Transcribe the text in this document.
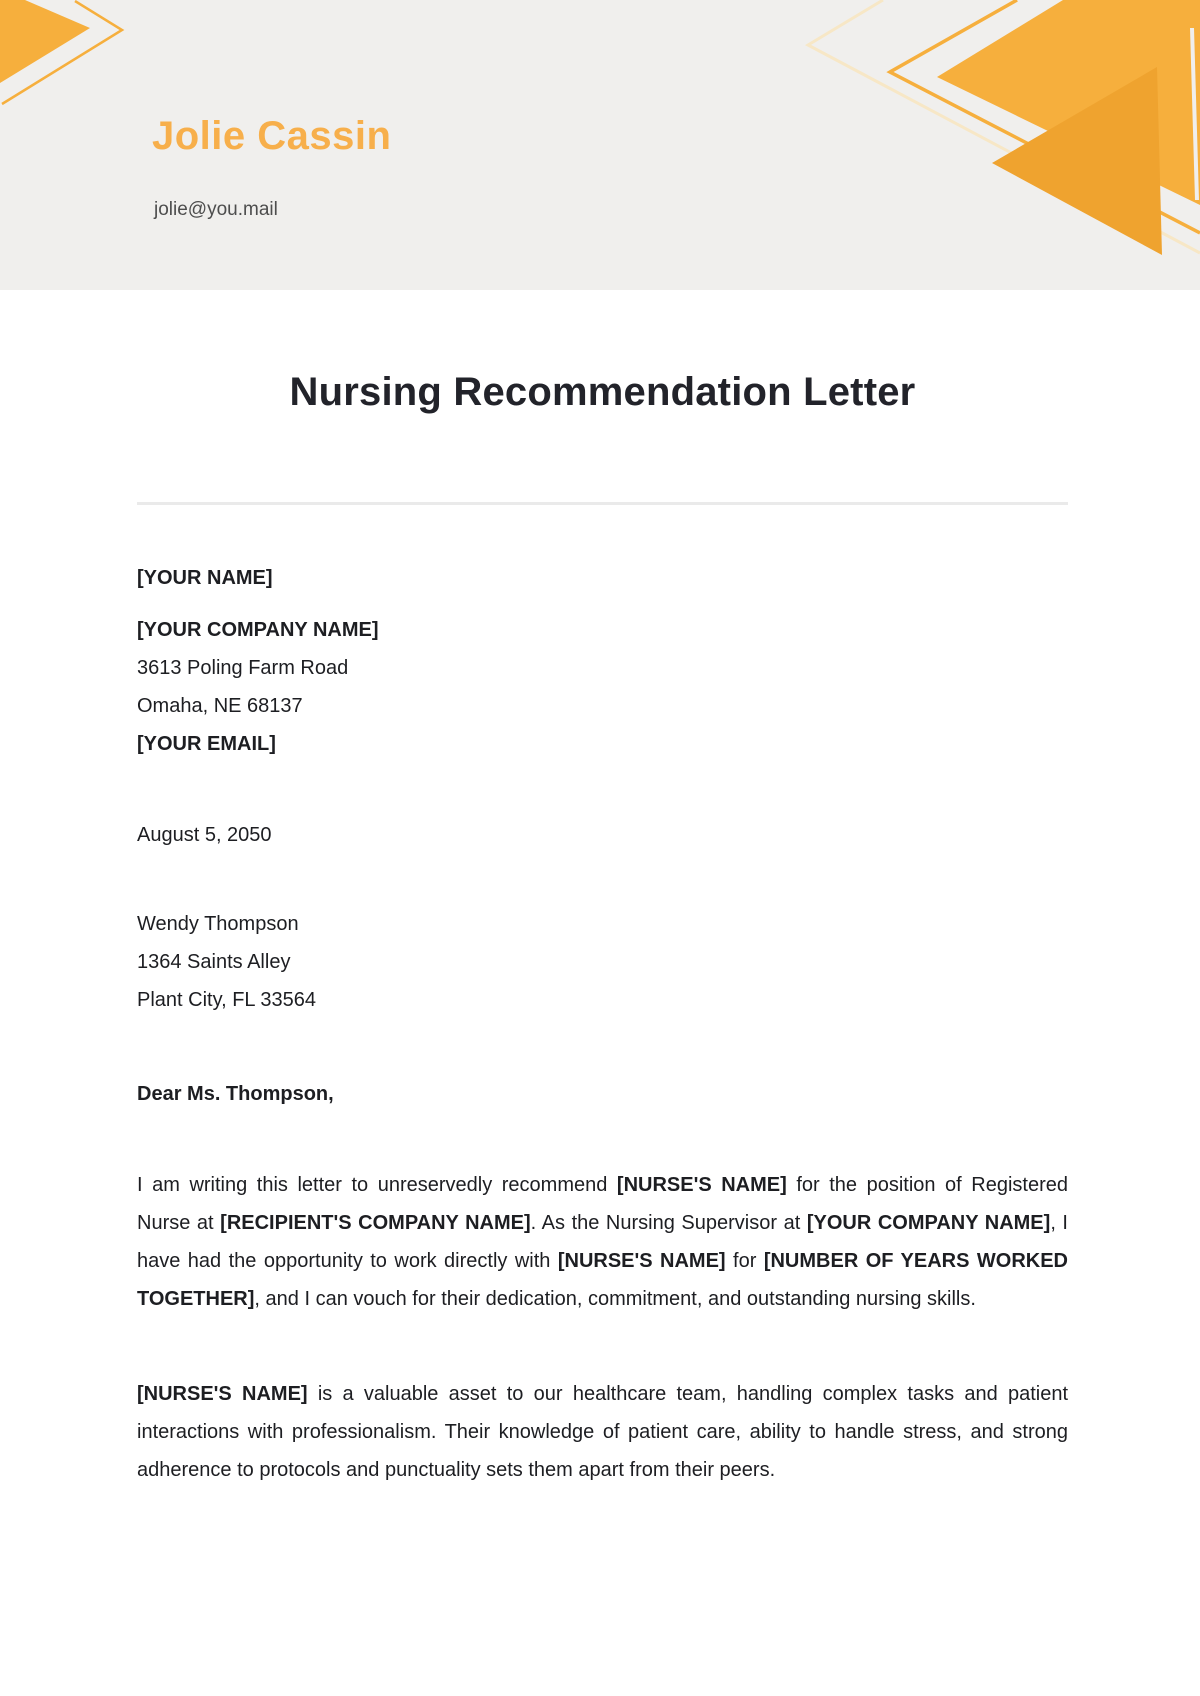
Jolie Cassin
jolie@you.mail
Nursing Recommendation Letter

[YOUR NAME]

[YOUR COMPANY NAME]

3613 Poling Farm Road

Omaha, NE 68137

[YOUR EMAIL]

August 5, 2050

Wendy Thompson

1364 Saints Alley

Plant City, FL 33564

Dear Ms. Thompson,

I am writing this letter to unreservedly recommend [NURSE'S NAME] for the position of Registered Nurse at [RECIPIENT'S COMPANY NAME]. As the Nursing Supervisor at [YOUR COMPANY NAME], I have had the opportunity to work directly with [NURSE'S NAME] for [NUMBER OF YEARS WORKED TOGETHER], and I can vouch for their dedication, commitment, and outstanding nursing skills.

[NURSE'S NAME] is a valuable asset to our healthcare team, handling complex tasks and patient interactions with professionalism. Their knowledge of patient care, ability to handle stress, and strong adherence to protocols and punctuality sets them apart from their peers.
